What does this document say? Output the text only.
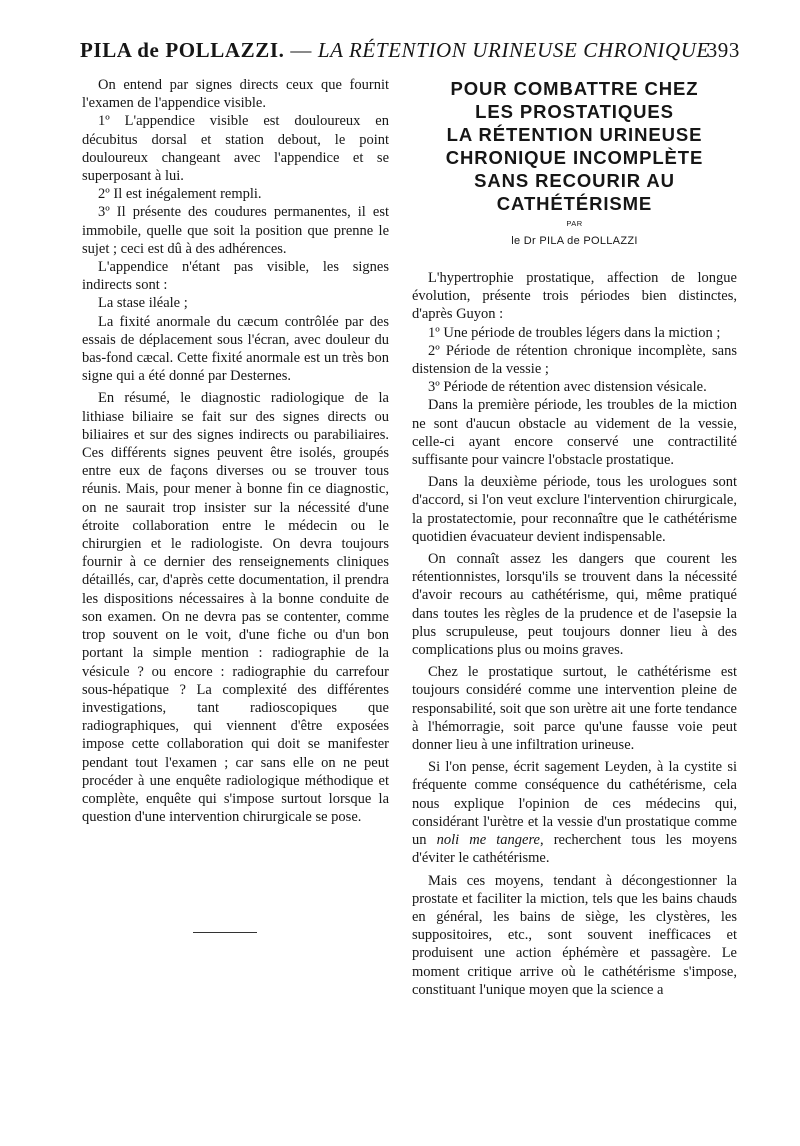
PILA de POLLAZZI. — LA RÉTENTION URINEUSE CHRONIQUE
393

On entend par signes directs ceux que fournit l'examen de l'appendice visible.

1º L'appendice visible est douloureux en décubitus dorsal et station debout, le point douloureux changeant avec l'appendice et se superposant à lui.

2º Il est inégalement rempli.

3º Il présente des coudures permanentes, il est immobile, quelle que soit la position que prenne le sujet ; ceci est dû à des adhérences.

L'appendice n'étant pas visible, les signes indirects sont :

La stase iléale ;

La fixité anormale du cæcum contrôlée par des essais de déplacement sous l'écran, avec douleur du bas-fond cæcal. Cette fixité anormale est un très bon signe qui a été donné par Desternes.

En résumé, le diagnostic radiologique de la lithiase biliaire se fait sur des signes directs ou biliaires et sur des signes indirects ou parabiliaires. Ces différents signes peuvent être isolés, groupés entre eux de façons diverses ou se trouver tous réunis. Mais, pour mener à bonne fin ce diagnostic, on ne saurait trop insister sur la nécessité d'une étroite collaboration entre le médecin ou le chirurgien et le radiologiste. On devra toujours fournir à ce dernier des renseignements cliniques détaillés, car, d'après cette documentation, il prendra les dispositions nécessaires à la bonne conduite de son examen. On ne devra pas se contenter, comme trop souvent on le voit, d'une fiche ou d'un bon portant la simple mention : radiographie de la vésicule ? ou encore : radiographie du carrefour sous-hépatique ? La complexité des différentes investigations, tant radioscopiques que radiographiques, qui viennent d'être exposées impose cette collaboration qui doit se manifester pendant tout l'examen ; car sans elle on ne peut procéder à une enquête radiologique méthodique et complète, enquête qui s'impose surtout lorsque la question d'une intervention chirurgicale se pose.

POUR COMBATTRE CHEZ
LES PROSTATIQUES
LA RÉTENTION URINEUSE
CHRONIQUE INCOMPLÈTE
SANS RECOURIR AU
CATHÉTÉRISME
PAR
le Dr PILA de POLLAZZI

L'hypertrophie prostatique, affection de longue évolution, présente trois périodes bien distinctes, d'après Guyon :

1º Une période de troubles légers dans la miction ;

2º Période de rétention chronique incomplète, sans distension de la vessie ;

3º Période de rétention avec distension vésicale.

Dans la première période, les troubles de la miction ne sont d'aucun obstacle au videment de la vessie, celle-ci ayant encore conservé une contractilité suffisante pour vaincre l'obstacle prostatique.

Dans la deuxième période, tous les urologues sont d'accord, si l'on veut exclure l'intervention chirurgicale, la prostatectomie, pour reconnaître que le cathétérisme quotidien évacuateur devient indispensable.

On connaît assez les dangers que courent les rétentionnistes, lorsqu'ils se trouvent dans la nécessité d'avoir recours au cathétérisme, qui, même pratiqué dans toutes les règles de la prudence et de l'asepsie la plus scrupuleuse, peut toujours donner lieu à des complications plus ou moins graves.

Chez le prostatique surtout, le cathétérisme est toujours considéré comme une intervention pleine de responsabilité, soit que son urètre ait une forte tendance à l'hémorragie, soit parce qu'une fausse voie peut donner lieu à une infiltration urineuse.

Si l'on pense, écrit sagement Leyden, à la cystite si fréquente comme conséquence du cathétérisme, cela nous explique l'opinion de ces médecins qui, considérant l'urètre et la vessie d'un prostatique comme un noli me tangere, recherchent tous les moyens d'éviter le cathétérisme.

Mais ces moyens, tendant à décongestionner la prostate et faciliter la miction, tels que les bains chauds en général, les bains de siège, les clystères, les suppositoires, etc., sont souvent inefficaces et produisent une action éphémère et passagère. Le moment critique arrive où le cathétérisme s'impose, constituant l'unique moyen que la science a
